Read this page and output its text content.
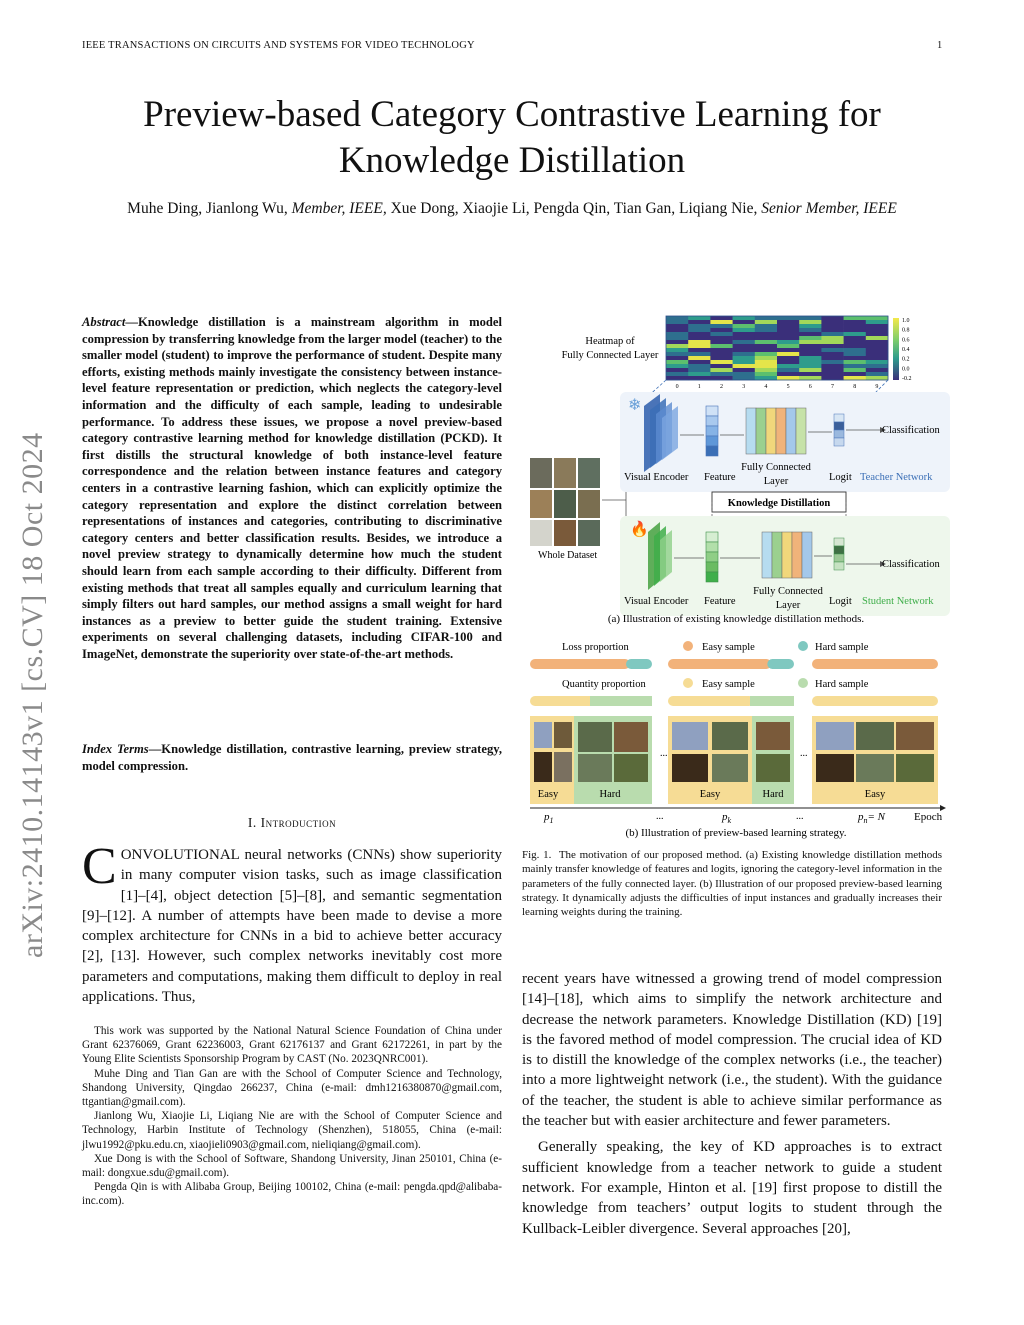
IEEE TRANSACTIONS ON CIRCUITS AND SYSTEMS FOR VIDEO TECHNOLOGY	1
Preview-based Category Contrastive Learning for Knowledge Distillation
Muhe Ding, Jianlong Wu, Member, IEEE, Xue Dong, Xiaojie Li, Pengda Qin, Tian Gan, Liqiang Nie, Senior Member, IEEE
arXiv:2410.14143v1 [cs.CV] 18 Oct 2024
Abstract—Knowledge distillation is a mainstream algorithm in model compression by transferring knowledge from the larger model (teacher) to the smaller model (student) to improve the performance of student. Despite many efforts, existing methods mainly investigate the consistency between instance-level feature representation or prediction, which neglects the category-level information and the difficulty of each sample, leading to undesirable performance. To address these issues, we propose a novel preview-based category contrastive learning method for knowledge distillation (PCKD). It first distills the structural knowledge of both instance-level feature correspondence and the relation between instance features and category centers in a contrastive learning fashion, which can explicitly optimize the category representation and explore the distinct correlation between representations of instances and categories, contributing to discriminative category centers and better classification results. Besides, we introduce a novel preview strategy to dynamically determine how much the student should learn from each sample according to their difficulty. Different from existing methods that treat all samples equally and curriculum learning that simply filters out hard samples, our method assigns a small weight for hard instances as a preview to better guide the student training. Extensive experiments on several challenging datasets, including CIFAR-100 and ImageNet, demonstrate the superiority over state-of-the-art methods.
Index Terms—Knowledge distillation, contrastive learning, preview strategy, model compression.
I. Introduction
CONVOLUTIONAL neural networks (CNNs) show superiority in many computer vision tasks, such as image classification [1]–[4], object detection [5]–[8], and semantic segmentation [9]–[12]. A number of attempts have been made to devise a more complex architecture for CNNs in a bid to achieve better accuracy [2], [13]. However, such complex networks inevitably cost more parameters and computations, making them difficult to deploy in real applications. Thus,

This work was supported by the National Natural Science Foundation of China under Grant 62376069, Grant 62236003, Grant 62176137 and Grant 62172261, in part by the Young Elite Scientists Sponsorship Program by CAST (No. 2023QNRC001).

Muhe Ding and Tian Gan are with the School of Computer Science and Technology, Shandong University, Qingdao 266237, China (e-mail: dmh1216380870@gmail.com, ttgantian@gmail.com).

Jianlong Wu, Xiaojie Li, Liqiang Nie are with the School of Computer Science and Technology, Harbin Institute of Technology (Shenzhen), 518055, China (e-mail: jlwu1992@pku.edu.cn, xiaojieli0903@gmail.com, nieliqiang@gmail.com).

Xue Dong is with the School of Software, Shandong University, Jinan 250101, China (e-mail: dongxue.sdu@gmail.com).

Pengda Qin is with Alibaba Group, Beijing 100102, China (e-mail: pengda.qpd@alibaba-inc.com).

Heatmap of
Fully Connected Layer
0	1	2	3	4	5	6	7	8	9
1.0
0.8
0.6
0.4
0.2
0.0
-0.2
Whole Dataset
❄
Classification
Visual Encoder Feature
Fully Connected
Layer	Logit Teacher Network
Knowledge Distillation
🔥
Classification
Visual Encoder Feature
Fully Connected
Layer	Logit Student Network
(a) Illustration of existing knowledge distillation methods.
Loss proportion	Easy sample	Hard sample
Quantity proportion	Easy sample	Hard sample
Easy	Hard
...
Easy	Hard
...
Easy
$p_1$	...	$p_k$	...	$p_n= N$	Epoch
(b) Illustration of preview-based learning strategy.
Fig. 1. The motivation of our proposed method. (a) Existing knowledge distillation methods mainly transfer knowledge of features and logits, ignoring the category-level information in the parameters of the fully connected layer. (b) Illustration of our proposed preview-based learning strategy. It dynamically adjusts the difficulties of input instances and gradually increases their learning weights during the training.

recent years have witnessed a growing trend of model compression [14]–[18], which aims to simplify the network architecture and decrease the network parameters. Knowledge Distillation (KD) [19] is the favored method of model compression. The crucial idea of KD is to distill the knowledge of the complex networks (i.e., the teacher) into a more lightweight network (i.e., the student). With the guidance of the teacher, the student is able to achieve similar performance as the teacher but with easier architecture and fewer parameters.

Generally speaking, the key of KD approaches is to extract sufficient knowledge from a teacher network to guide a student network. For example, Hinton et al. [19] first propose to distill the knowledge from teachers’ output logits to student through the Kullback-Leibler divergence. Several approaches [20],
